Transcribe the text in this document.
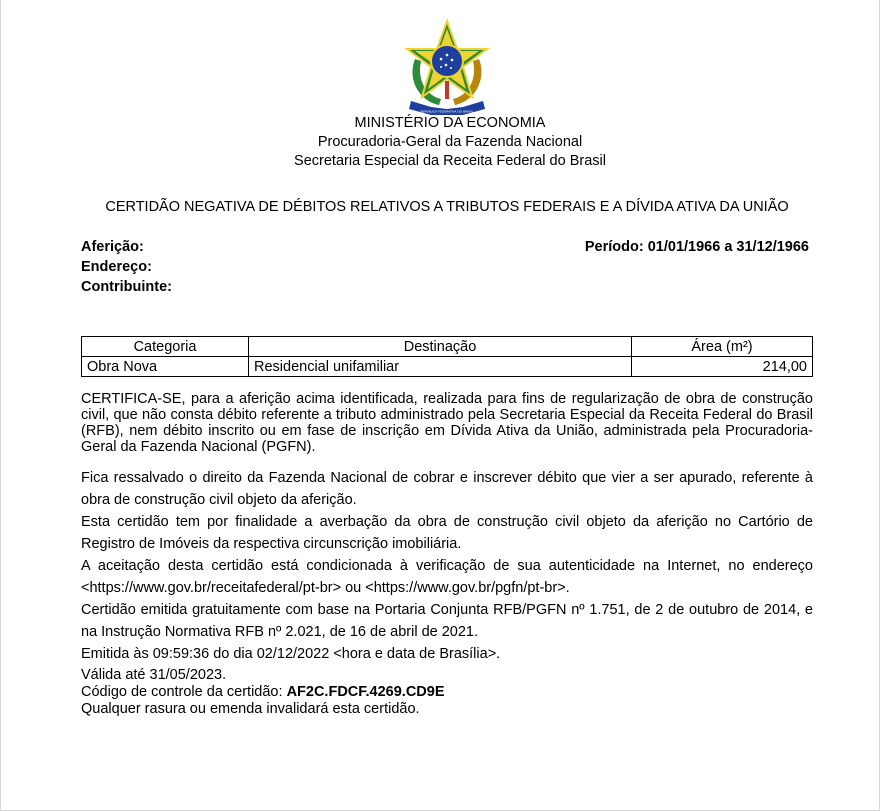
REPÚBLICA FEDERATIVA DO BRASIL
MINISTÉRIO DA ECONOMIA
Procuradoria-Geral da Fazenda Nacional
Secretaria Especial da Receita Federal do Brasil
CERTIDÃO NEGATIVA DE DÉBITOS RELATIVOS A TRIBUTOS FEDERAIS E A DÍVIDA ATIVA DA UNIÃO
Aferição:
Endereço:
Contribuinte:
Período: 01/01/1966 a 31/12/1966
Categoria	Destinação	Área (m²)
Obra Nova	Residencial unifamiliar	214,00
CERTIFICA-SE, para a aferição acima identificada, realizada para fins de regularização de obra de construção civil, que não consta débito referente a tributo administrado pela Secretaria Especial da Receita Federal do Brasil (RFB), nem débito inscrito ou em fase de inscrição em Dívida Ativa da União, administrada pela Procuradoria-Geral da Fazenda Nacional (PGFN).
Fica ressalvado o direito da Fazenda Nacional de cobrar e inscrever débito que vier a ser apurado, referente à obra de construção civil objeto da aferição.
Esta certidão tem por finalidade a averbação da obra de construção civil objeto da aferição no Cartório de Registro de Imóveis da respectiva circunscrição imobiliária.
A aceitação desta certidão está condicionada à verificação de sua autenticidade na Internet, no endereço <https://www.gov.br/receitafederal/pt-br> ou <https://www.gov.br/pgfn/pt-br>.
Certidão emitida gratuitamente com base na Portaria Conjunta RFB/PGFN nº 1.751, de 2 de outubro de 2014, e na Instrução Normativa RFB nº 2.021, de 16 de abril de 2021.
Emitida às 09:59:36 do dia 02/12/2022 <hora e data de Brasília>.
Válida até 31/05/2023.
Código de controle da certidão: AF2C.FDCF.4269.CD9E
Qualquer rasura ou emenda invalidará esta certidão.
